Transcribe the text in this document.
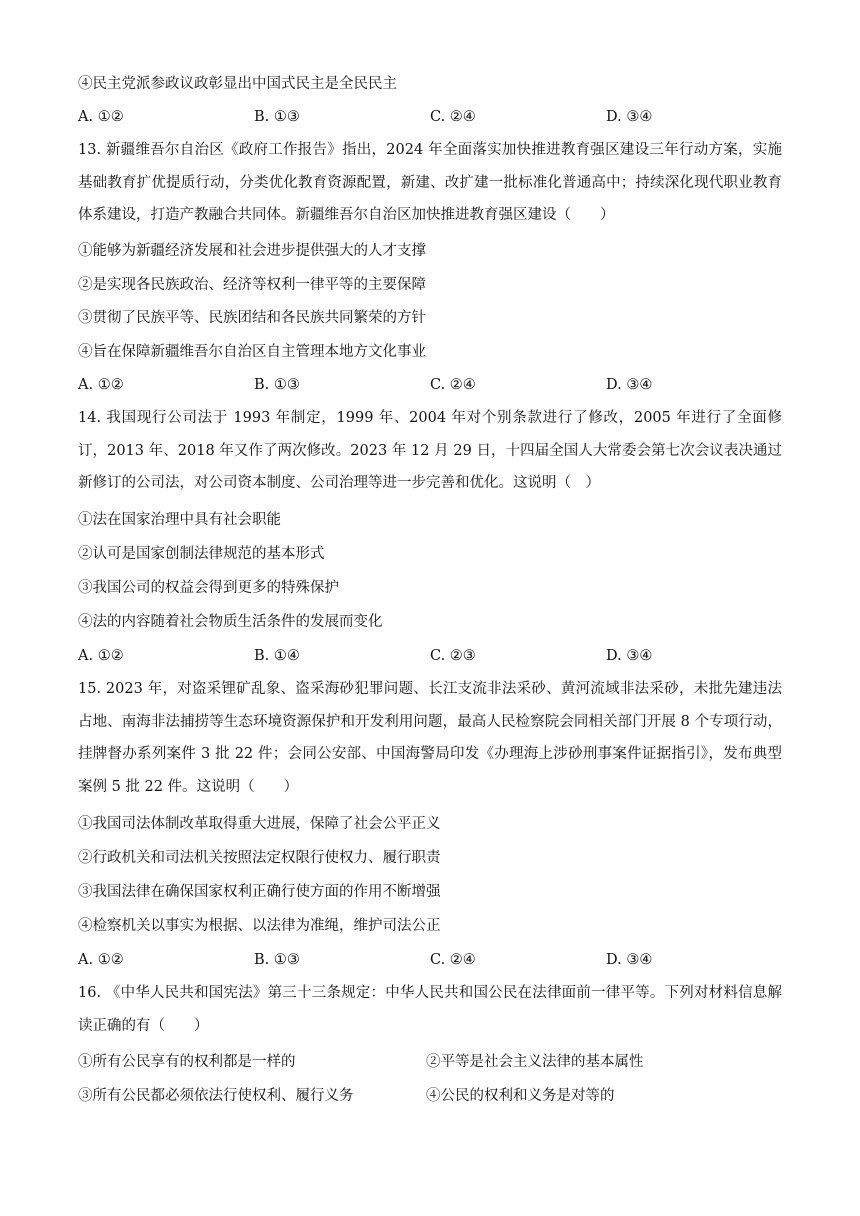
④民主党派参政议政彰显出中国式民主是全民民主
A. ①②	B. ①③	C. ②④	D. ③④
13. 新疆维吾尔自治区《政府工作报告》指出，2024 年全面落实加快推进教育强区建设三年行动方案，实施基础教育扩优提质行动，分类优化教育资源配置，新建、改扩建一批标准化普通高中；持续深化现代职业教育体系建设，打造产教融合共同体。新疆维吾尔自治区加快推进教育强区建设（　　）
①能够为新疆经济发展和社会进步提供强大的人才支撑
②是实现各民族政治、经济等权利一律平等的主要保障
③贯彻了民族平等、民族团结和各民族共同繁荣的方针
④旨在保障新疆维吾尔自治区自主管理本地方文化事业
A. ①②	B. ①③	C. ②④	D. ③④
14. 我国现行公司法于 1993 年制定，1999 年、2004 年对个别条款进行了修改，2005 年进行了全面修订，2013 年、2018 年又作了两次修改。2023 年 12 月 29 日，十四届全国人大常委会第七次会议表决通过新修订的公司法，对公司资本制度、公司治理等进一步完善和优化。这说明（　）
①法在国家治理中具有社会职能
②认可是国家创制法律规范的基本形式
③我国公司的权益会得到更多的特殊保护
④法的内容随着社会物质生活条件的发展而变化
A. ①②	B. ①④	C. ②③	D. ③④
15. 2023 年，对盗采锂矿乱象、盗采海砂犯罪问题、长江支流非法采砂、黄河流域非法采砂，未批先建违法占地、南海非法捕捞等生态环境资源保护和开发利用问题，最高人民检察院会同相关部门开展 8 个专项行动，挂牌督办系列案件 3 批 22 件；会同公安部、中国海警局印发《办理海上涉砂刑事案件证据指引》，发布典型案例 5 批 22 件。这说明（　　）
①我国司法体制改革取得重大进展，保障了社会公平正义
②行政机关和司法机关按照法定权限行使权力、履行职责
③我国法律在确保国家权利正确行使方面的作用不断增强
④检察机关以事实为根据、以法律为准绳，维护司法公正
A. ①②	B. ①③	C. ②④	D. ③④
16. 《中华人民共和国宪法》第三十三条规定：中华人民共和国公民在法律面前一律平等。下列对材料信息解读正确的有（　　）
①所有公民享有的权利都是一样的	②平等是社会主义法律的基本属性
③所有公民都必须依法行使权利、履行义务	④公民的权利和义务是对等的
